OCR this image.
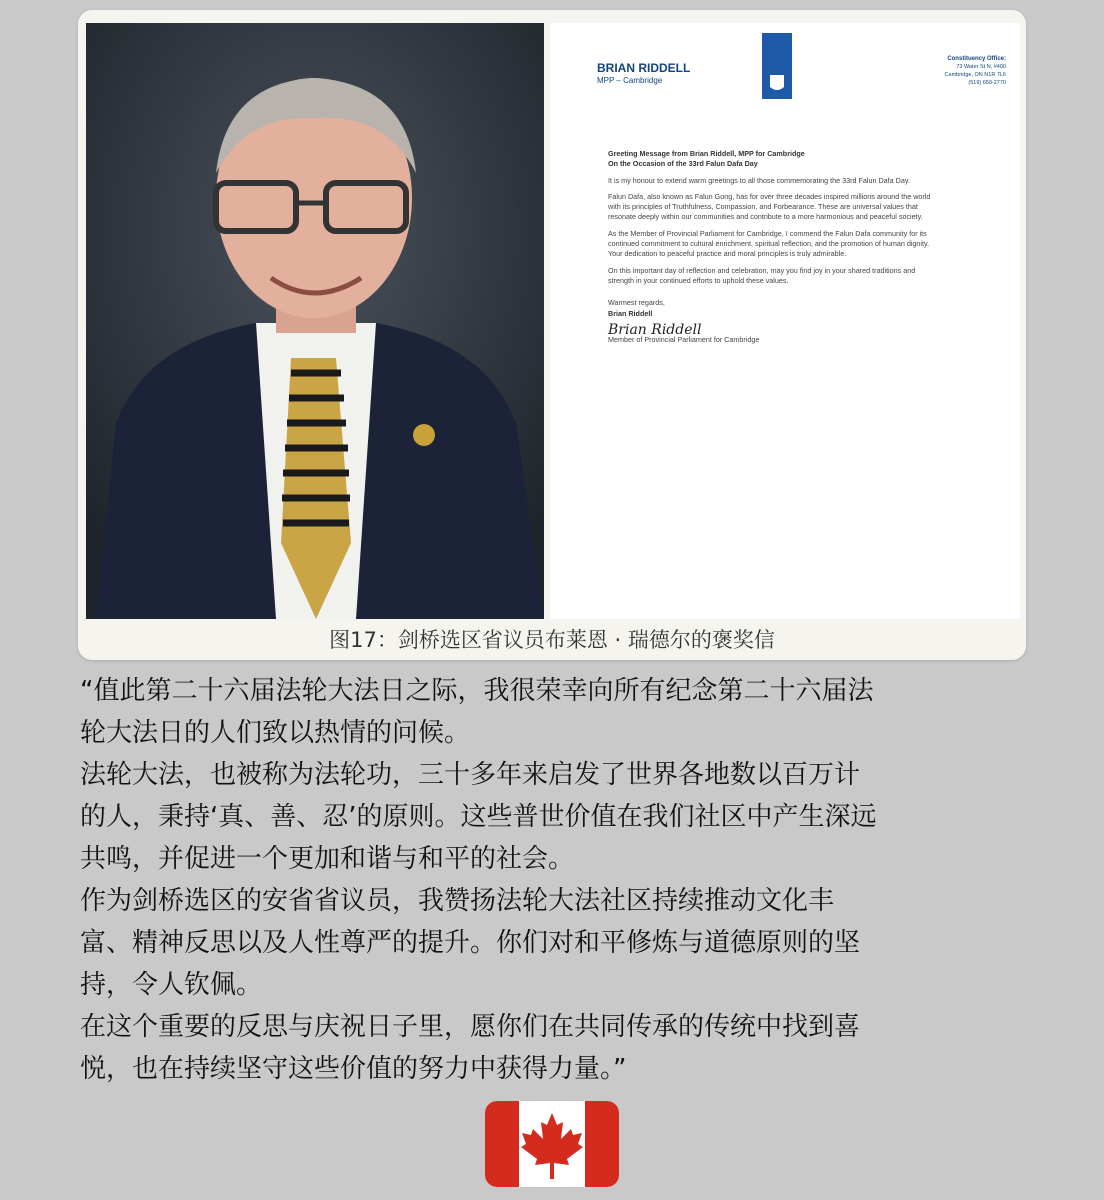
BRIAN RIDDELL
MPP – Cambridge
Constituency Office:
73 Water St N, #400
Cambridge, ON N1R 7L6
(519) 650-2770
Greeting Message from Brian Riddell, MPP for Cambridge

On the Occasion of the 33rd Falun Dafa Day

It is my honour to extend warm greetings to all those commemorating the 33rd Falun Dafa Day.

Falun Dafa, also known as Falun Gong, has for over three decades inspired millions around the world with its principles of Truthfulness, Compassion, and Forbearance. These are universal values that resonate deeply within our communities and contribute to a more harmonious and peaceful society.

As the Member of Provincial Parliament for Cambridge, I commend the Falun Dafa community for its continued commitment to cultural enrichment, spiritual reflection, and the promotion of human dignity. Your dedication to peaceful practice and moral principles is truly admirable.

On this important day of reflection and celebration, may you find joy in your shared traditions and strength in your continued efforts to uphold these values.

Warmest regards,
Brian Riddell
Brian Riddell
Member of Provincial Parliament for Cambridge
图17：剑桥选区省议员布莱恩 · 瑞德尔的褒奖信
“值此第二十六届法轮大法日之际，我很荣幸向所有纪念第二十六届法
轮大法日的人们致以热情的问候。
法轮大法，也被称为法轮功，三十多年来启发了世界各地数以百万计
的人，秉持‘真、善、忍’的原则。这些普世价值在我们社区中产生深远
共鸣，并促进一个更加和谐与和平的社会。
作为剑桥选区的安省省议员，我赞扬法轮大法社区持续推动文化丰
富、精神反思以及人性尊严的提升。你们对和平修炼与道德原则的坚
持，令人钦佩。
在这个重要的反思与庆祝日子里，愿你们在共同传承的传统中找到喜
悦，也在持续坚守这些价值的努力中获得力量。”
